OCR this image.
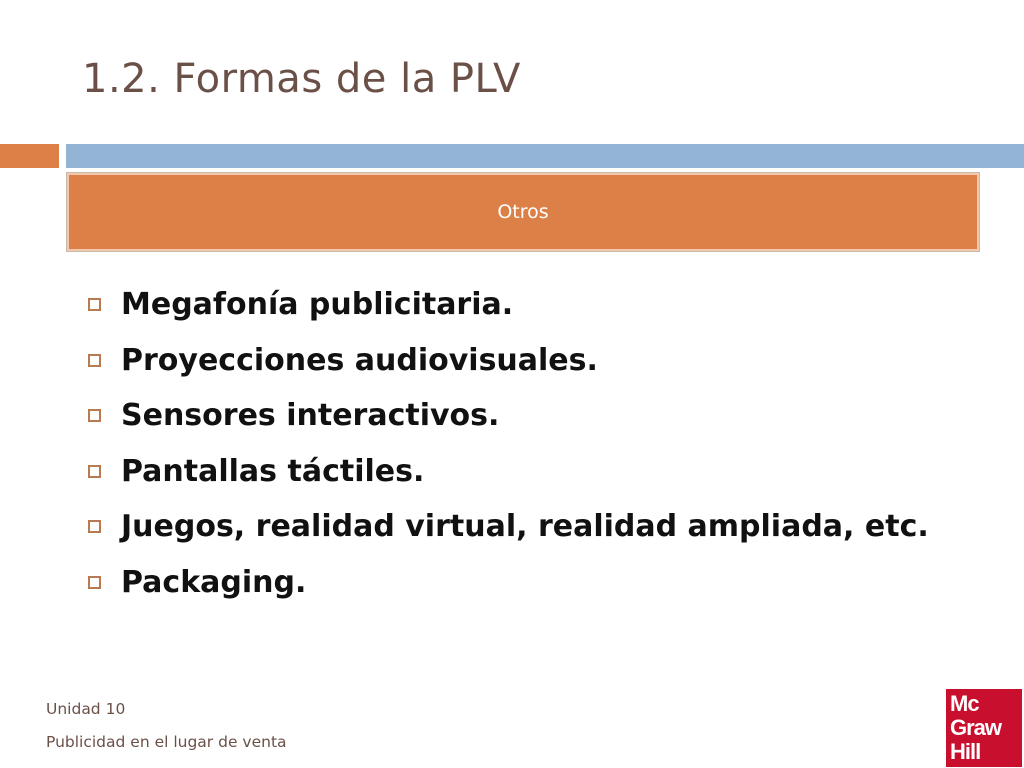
1.2. Formas de la PLV
Otros
Megafonía publicitaria.
Proyecciones audiovisuales.
Sensores interactivos.
Pantallas táctiles.
Juegos, realidad virtual, realidad ampliada, etc.
Packaging.
Unidad 10
Publicidad en el lugar de venta
Mc
Graw
Hill
